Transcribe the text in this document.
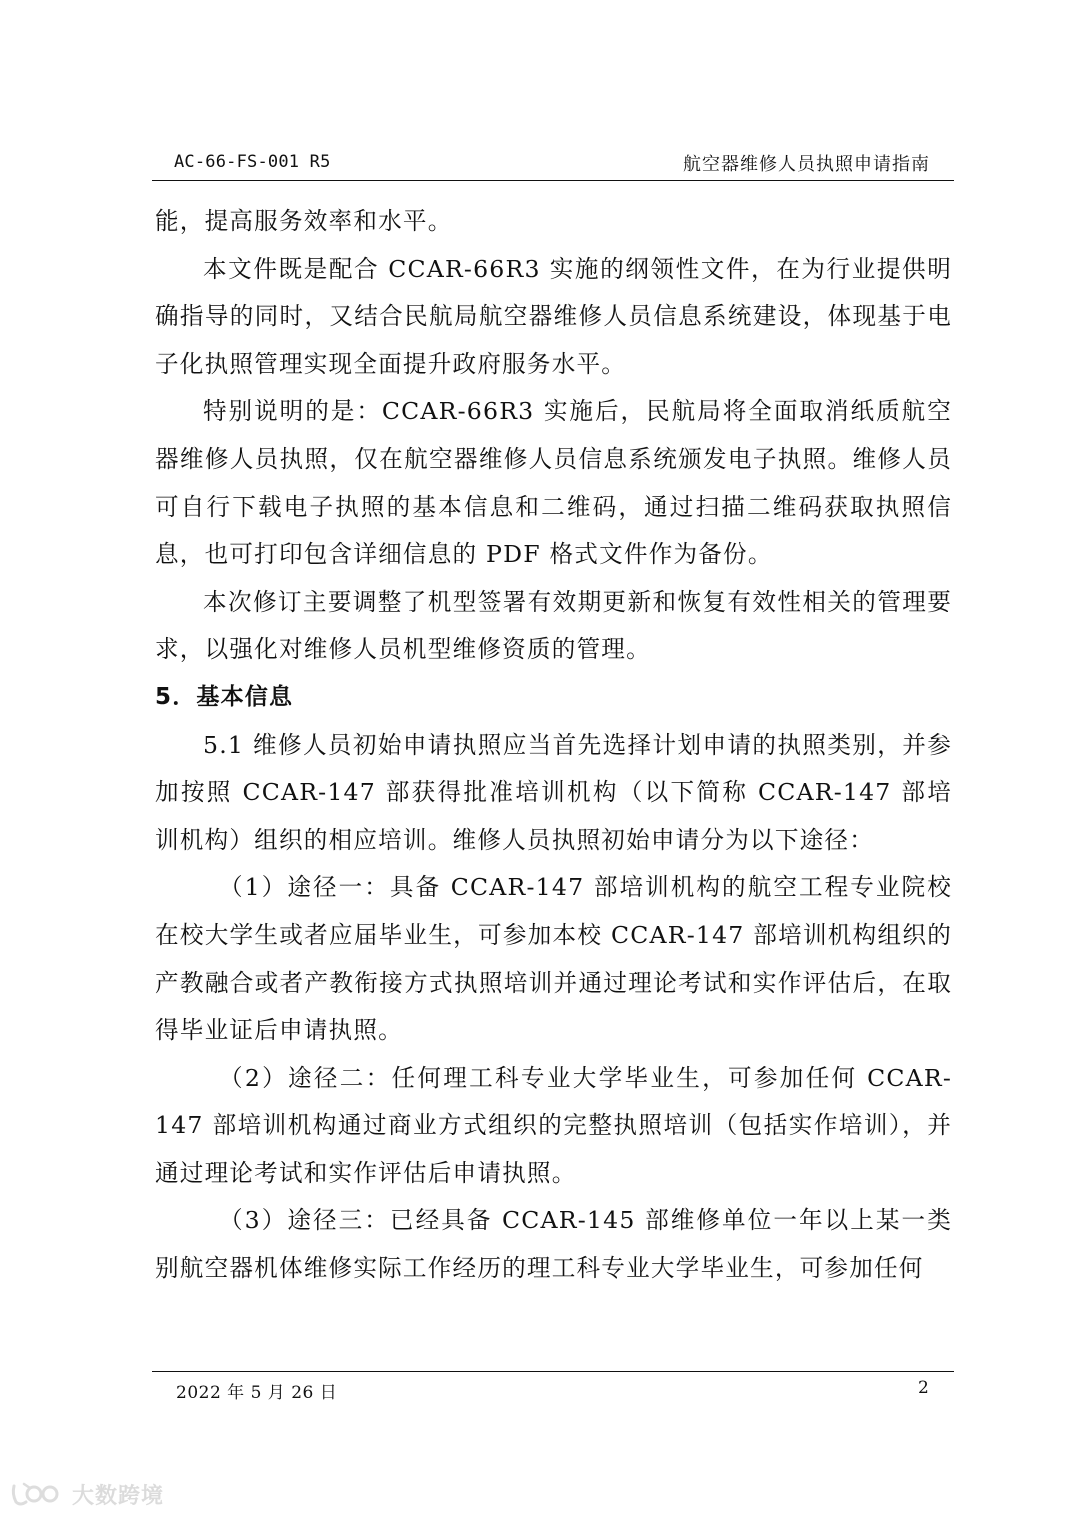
AC-66-FS-001 R5	航空器维修人员执照申请指南

能，提高服务效率和水平。

本文件既是配合 CCAR-66R3 实施的纲领性文件，在为行业提供明确指导的同时，又结合民航局航空器维修人员信息系统建设，体现基于电子化执照管理实现全面提升政府服务水平。

特别说明的是：CCAR-66R3 实施后，民航局将全面取消纸质航空器维修人员执照，仅在航空器维修人员信息系统颁发电子执照。维修人员可自行下载电子执照的基本信息和二维码，通过扫描二维码获取执照信息，也可打印包含详细信息的 PDF 格式文件作为备份。

本次修订主要调整了机型签署有效期更新和恢复有效性相关的管理要求，以强化对维修人员机型维修资质的管理。

5．基本信息

5.1 维修人员初始申请执照应当首先选择计划申请的执照类别，并参加按照 CCAR-147 部获得批准培训机构（以下简称 CCAR-147 部培训机构）组织的相应培训。维修人员执照初始申请分为以下途径：

（1）途径一：具备 CCAR-147 部培训机构的航空工程专业院校在校大学生或者应届毕业生，可参加本校 CCAR-147 部培训机构组织的产教融合或者产教衔接方式执照培训并通过理论考试和实作评估后，在取得毕业证后申请执照。

（2）途径二：任何理工科专业大学毕业生，可参加任何 CCAR-147 部培训机构通过商业方式组织的完整执照培训（包括实作培训），并通过理论考试和实作评估后申请执照。

（3）途径三：已经具备 CCAR-145 部维修单位一年以上某一类别航空器机体维修实际工作经历的理工科专业大学毕业生，可参加任何

2022 年 5 月 26 日	2
大数跨境
